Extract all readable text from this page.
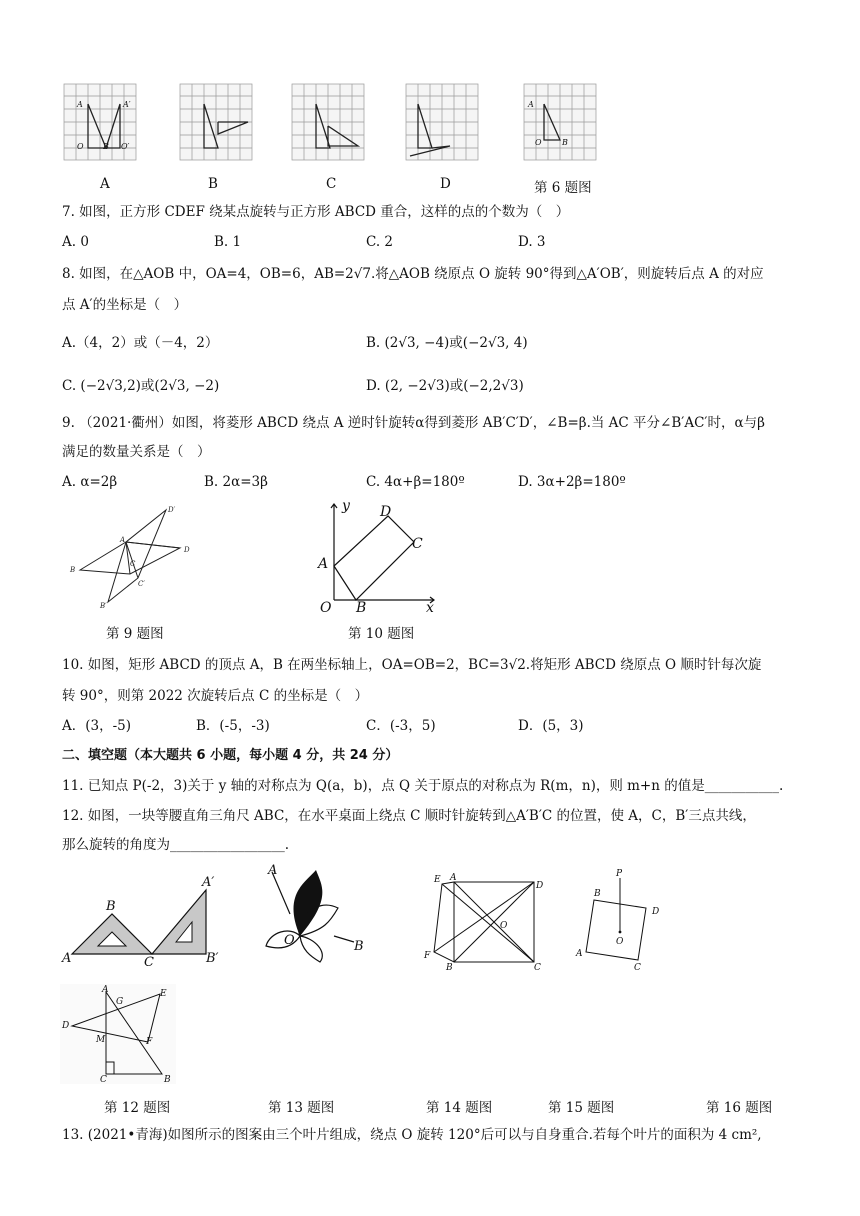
A	A′
O B O′
A
O	B
A	B	C	D	第 6 题图
7. 如图，正方形 CDEF 绕某点旋转与正方形 ABCD 重合，这样的点的个数为（　）
A. 0	B. 1	C. 2	D. 3
8. 如图，在△AOB 中，OA=4，OB=6，AB=2√7.将△AOB 绕原点 O 旋转 90°得到△A′OB′，则旋转后点 A 的对应
点 A′的坐标是（　）
A.（4，2）或（－4，2）	B. (2√3, −4)或(−2√3, 4)
C. (−2√3,2)或(2√3, −2)	D. (2, −2√3)或(−2,2√3)
9. （2021·衢州）如图，将菱形 ABCD 绕点 A 逆时针旋转α得到菱形 AB′C′D′，∠B=β.当 AC 平分∠B′AC′时，α与β
满足的数量关系是（　）
A. α=2β	B. 2α=3β	C. 4α+β=180º	D. 3α+2β=180º
D′
D
B
A
C
C′
B′
第 9 题图
y
x
O
A
B
C
D
第 10 题图
10. 如图，矩形 ABCD 的顶点 A，B 在两坐标轴上，OA=OB=2，BC=3√2.将矩形 ABCD 绕原点 O 顺时针每次旋
转 90°，则第 2022 次旋转后点 C 的坐标是（　）
A．(3，-5)	B．(-5，-3)	C．(-3，5)	D．(5，3)
二、填空题（本大题共 6 小题，每小题 4 分，共 24 分）
11. 已知点 P(-2，3)关于 y 轴的对称点为 Q(a，b)，点 Q 关于原点的对称点为 R(m，n)，则 m+n 的值是___________.
12. 如图，一块等腰直角三角尺 ABC，在水平桌面上绕点 C 顺时针旋转到△A′B′C 的位置，使 A，C，B′三点共线，
那么旋转的角度为_________________.
A
B
C
A′
B′
A
O	B
E A
D
O
F
B	C
P
B
D
O
A
C
A
G
E
D
M	F
C	B
第 12 题图	第 13 题图	第 14 题图	第 15 题图	第 16 题图
13. (2021•青海)如图所示的图案由三个叶片组成，绕点 O 旋转 120°后可以与自身重合.若每个叶片的面积为 4 cm²,
